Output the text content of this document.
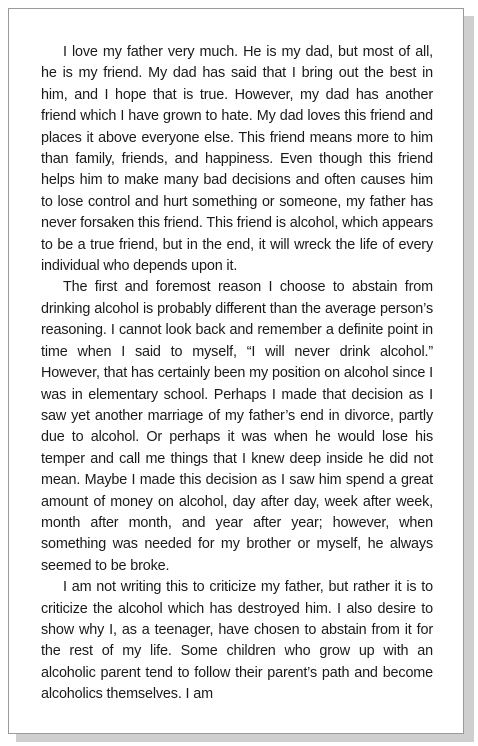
I love my father very much. He is my dad, but most of all, he is my friend. My dad has said that I bring out the best in him, and I hope that is true. However, my dad has another friend which I have grown to hate. My dad loves this friend and places it above everyone else. This friend means more to him than family, friends, and happiness. Even though this friend helps him to make many bad decisions and often causes him to lose control and hurt something or someone, my father has never forsaken this friend. This friend is alcohol, which appears to be a true friend, but in the end, it will wreck the life of every individual who depends upon it.

The first and foremost reason I choose to abstain from drinking alcohol is probably different than the average person’s reasoning. I cannot look back and remember a definite point in time when I said to myself, “I will never drink alcohol.” However, that has certainly been my position on alcohol since I was in elementary school. Perhaps I made that decision as I saw yet another marriage of my father’s end in divorce, partly due to alcohol. Or perhaps it was when he would lose his temper and call me things that I knew deep inside he did not mean. Maybe I made this decision as I saw him spend a great amount of money on alcohol, day after day, week after week, month after month, and year after year; however, when something was needed for my brother or myself, he always seemed to be broke.

I am not writing this to criticize my father, but rather it is to criticize the alcohol which has destroyed him. I also desire to show why I, as a teenager, have chosen to abstain from it for the rest of my life. Some children who grow up with an alcoholic parent tend to follow their parent’s path and become alcoholics themselves. I am
